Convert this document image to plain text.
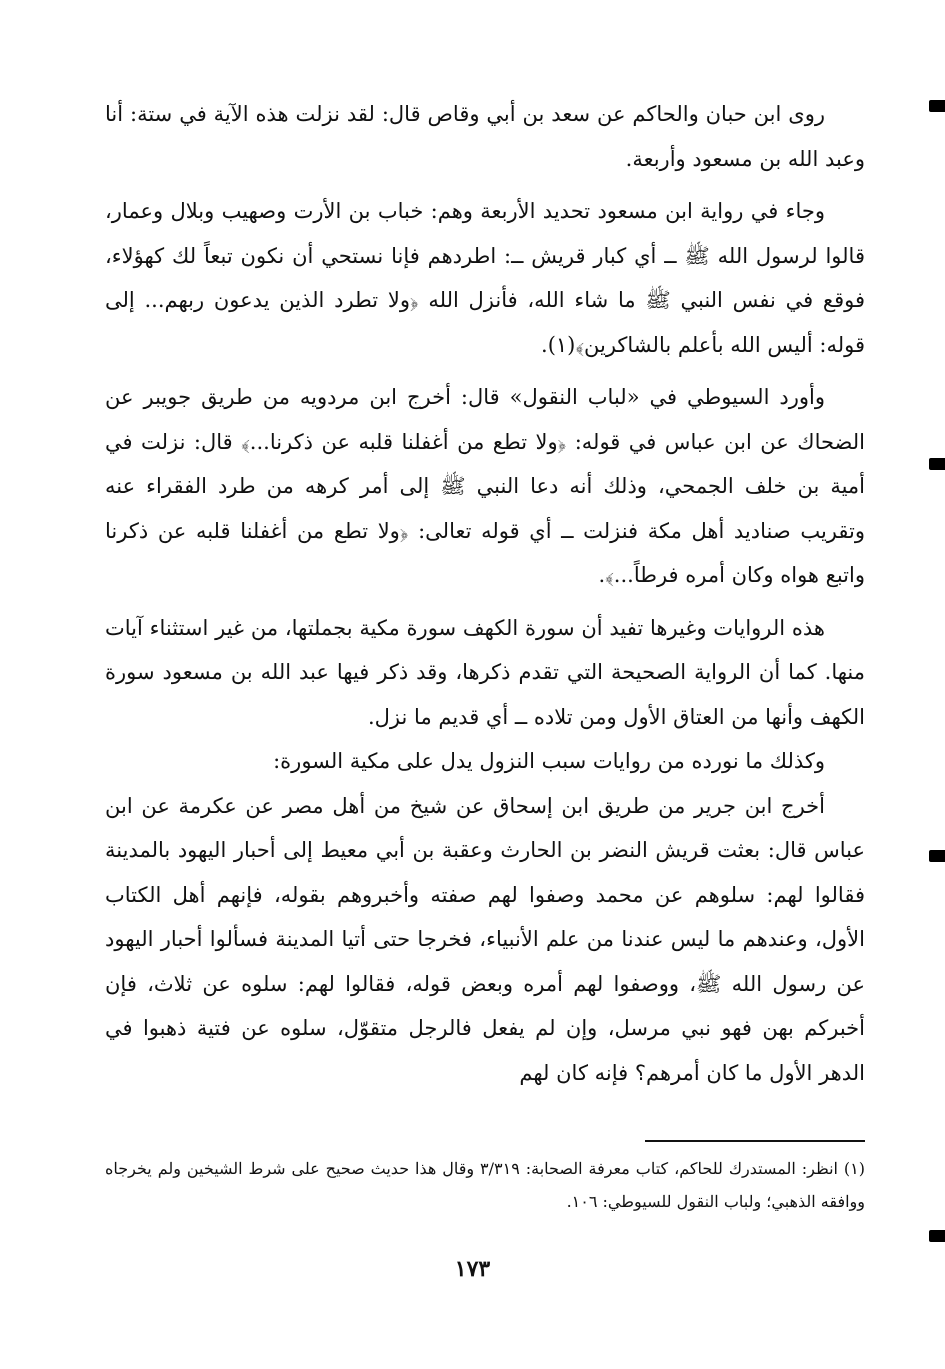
روى ابن حبان والحاكم عن سعد بن أبي وقاص قال: لقد نزلت هذه الآية في ستة: أنا وعبد الله بن مسعود وأربعة.

وجاء في رواية ابن مسعود تحديد الأربعة وهم: خباب بن الأرت وصهيب وبلال وعمار، قالوا لرسول الله ﷺ ــ أي كبار قريش ــ: اطردهم فإنا نستحي أن نكون تبعاً لك كهؤلاء، فوقع في نفس النبي ﷺ ما شاء الله، فأنزل الله ﴿ولا تطرد الذين يدعون ربهم... إلى قوله: أليس الله بأعلم بالشاكرين﴾(١).

وأورد السيوطي في «لباب النقول» قال: أخرج ابن مردويه من طريق جويبر عن الضحاك عن ابن عباس في قوله: ﴿ولا تطع من أغفلنا قلبه عن ذكرنا...﴾ قال: نزلت في أمية بن خلف الجمحي، وذلك أنه دعا النبي ﷺ إلى أمر كرهه من طرد الفقراء عنه وتقريب صناديد أهل مكة فنزلت ــ أي قوله تعالى: ﴿ولا تطع من أغفلنا قلبه عن ذكرنا واتبع هواه وكان أمره فرطاً...﴾.

هذه الروايات وغيرها تفيد أن سورة الكهف سورة مكية بجملتها، من غير استثناء آيات منها. كما أن الرواية الصحيحة التي تقدم ذكرها، وقد ذكر فيها عبد الله بن مسعود سورة الكهف وأنها من العتاق الأول ومن تلاده ــ أي قديم ما نزل.

وكذلك ما نورده من روايات سبب النزول يدل على مكية السورة:

أخرج ابن جرير من طريق ابن إسحاق عن شيخ من أهل مصر عن عكرمة عن ابن عباس قال: بعثت قريش النضر بن الحارث وعقبة بن أبي معيط إلى أحبار اليهود بالمدينة فقالوا لهم: سلوهم عن محمد وصفوا لهم صفته وأخبروهم بقوله، فإنهم أهل الكتاب الأول، وعندهم ما ليس عندنا من علم الأنبياء، فخرجا حتى أتيا المدينة فسألوا أحبار اليهود عن رسول الله ﷺ، ووصفوا لهم أمره وبعض قوله، فقالوا لهم: سلوه عن ثلاث، فإن أخبركم بهن فهو نبي مرسل، وإن لم يفعل فالرجل متقوّل، سلوه عن فتية ذهبوا في الدهر الأول ما كان أمرهم؟ فإنه كان لهم

(١) انظر: المستدرك للحاكم، كتاب معرفة الصحابة: ٣/٣١٩ وقال هذا حديث صحيح على شرط الشيخين ولم يخرجاه ووافقه الذهبي؛ ولباب النقول للسيوطي: ١٠٦.

١٧٣
